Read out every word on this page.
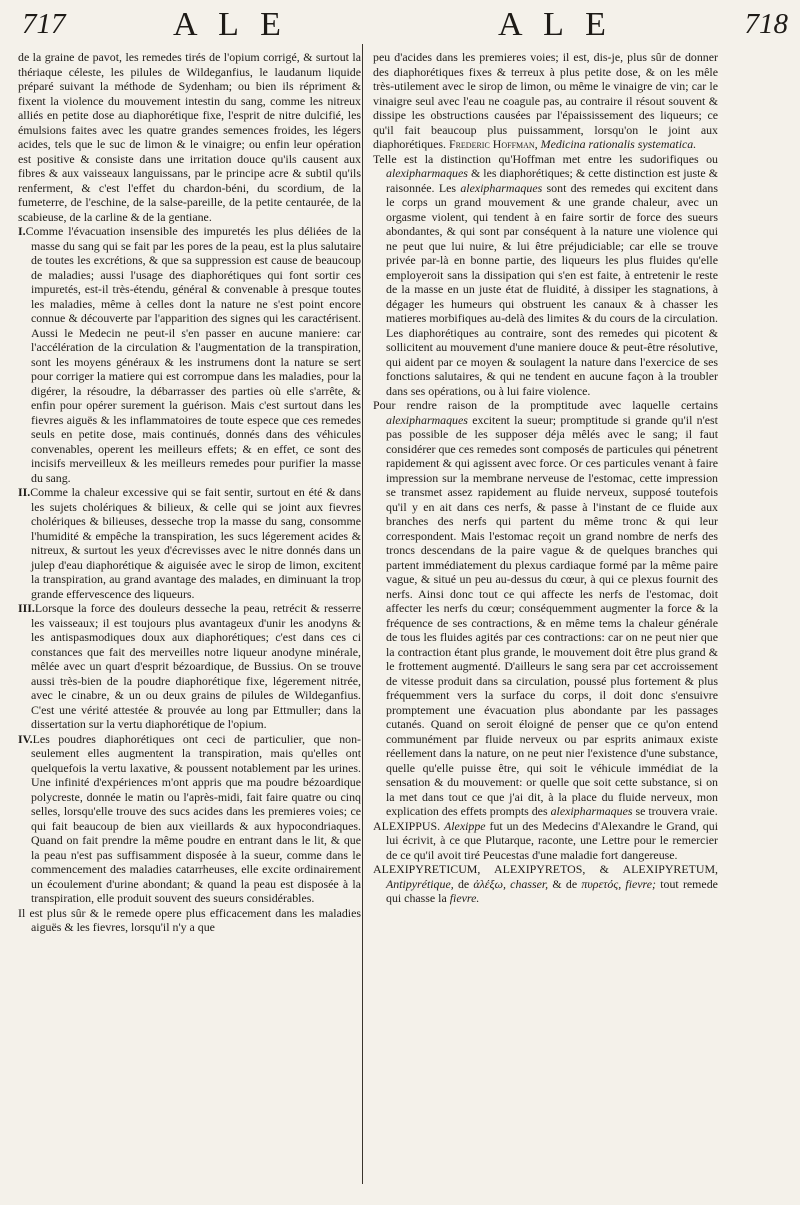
717	A L E	A L E	718

de la graine de pavot, les remedes tirés de l'opium corrigé, & surtout la thériaque céleste, les pilules de Wildeganfius, le laudanum liquide préparé suivant la méthode de Sydenham; ou bien ils répriment & fixent la violence du mouvement intestin du sang, comme les nitreux alliés en petite dose au diaphorétique fixe, l'esprit de nitre dulcifié, les émulsions faites avec les quatre grandes semences froides, les légers acides, tels que le suc de limon & le vinaigre; ou enfin leur opération est positive & consiste dans une irritation douce qu'ils causent aux fibres & aux vaisseaux languissans, par le principe acre & subtil qu'ils renferment, & c'est l'effet du chardon-béni, du scordium, de la fumeterre, de l'eschine, de la salse-pareille, de la petite centaurée, de la scabieuse, de la carline & de la gentiane.

I.Comme l'évacuation insensible des impuretés les plus déliées de la masse du sang qui se fait par les pores de la peau, est la plus salutaire de toutes les excrétions, & que sa suppression est cause de beaucoup de maladies; aussi l'usage des diaphorétiques qui font sortir ces impuretés, est-il très-étendu, général & convenable à presque toutes les maladies, même à celles dont la nature ne s'est point encore connue & découverte par l'apparition des signes qui les caractérisent. Aussi le Medecin ne peut-il s'en passer en aucune maniere: car l'accélération de la circulation & l'augmentation de la transpiration, sont les moyens généraux & les instrumens dont la nature se sert pour corriger la matiere qui est corrompue dans les maladies, pour la digérer, la résoudre, la débarrasser des parties où elle s'arrête, & enfin pour opérer surement la guérison. Mais c'est surtout dans les fievres aiguës & les inflammatoires de toute espece que ces remedes seuls en petite dose, mais continués, donnés dans des véhicules convenables, operent les meilleurs effets; & en effet, ce sont des incisifs merveilleux & les meilleurs remedes pour purifier la masse du sang.

II.Comme la chaleur excessive qui se fait sentir, surtout en été & dans les sujets cholériques & bilieux, & celle qui se joint aux fievres cholériques & bilieuses, desseche trop la masse du sang, consomme l'humidité & empêche la transpiration, les sucs légerement acides & nitreux, & surtout les yeux d'écrevisses avec le nitre donnés dans un julep d'eau diaphorétique & aiguisée avec le sirop de limon, excitent la transpiration, au grand avantage des malades, en diminuant la trop grande effervescence des liqueurs.

III.Lorsque la force des douleurs desseche la peau, retrécit & resserre les vaisseaux; il est toujours plus avantageux d'unir les anodyns & les antispasmodiques doux aux diaphorétiques; c'est dans ces ci constances que fait des merveilles notre liqueur anodyne minérale, mêlée avec un quart d'esprit bézoardique, de Bussius. On se trouve aussi très-bien de la poudre diaphorétique fixe, légerement nitrée, avec le cinabre, & un ou deux grains de pilules de Wildeganfius. C'est une vérité attestée & prouvée au long par Ettmuller; dans la dissertation sur la vertu diaphorétique de l'opium.

IV.Les poudres diaphorétiques ont ceci de particulier, que non-seulement elles augmentent la transpiration, mais qu'elles ont quelquefois la vertu laxative, & poussent notablement par les urines. Une infinité d'expériences m'ont appris que ma poudre bézoardique polycreste, donnée le matin ou l'après-midi, fait faire quatre ou cinq selles, lorsqu'elle trouve des sucs acides dans les premieres voies; ce qui fait beaucoup de bien aux vieillards & aux hypocondriaques. Quand on fait prendre la même poudre en entrant dans le lit, & que la peau n'est pas suffisamment disposée à la sueur, comme dans le commencement des maladies catarrheuses, elle excite ordinairement un écoulement d'urine abondant; & quand la peau est disposée à la transpiration, elle produit souvent des sueurs considérables.

Il est plus sûr & le remede opere plus efficacement dans les maladies aiguës & les fievres, lorsqu'il n'y a que

peu d'acides dans les premieres voies; il est, dis-je, plus sûr de donner des diaphorétiques fixes & terreux à plus petite dose, & on les mêle très-utilement avec le sirop de limon, ou même le vinaigre de vin; car le vinaigre seul avec l'eau ne coagule pas, au contraire il résout souvent & dissipe les obstructions causées par l'épaississement des liqueurs; ce qu'il fait beaucoup plus puissamment, lorsqu'on le joint aux diaphorétiques. Frederic Hoffman, Medicina rationalis systematica.

Telle est la distinction qu'Hoffman met entre les sudorifiques ou alexipharmaques & les diaphorétiques; & cette distinction est juste & raisonnée. Les alexipharmaques sont des remedes qui excitent dans le corps un grand mouvement & une grande chaleur, avec un orgasme violent, qui tendent à en faire sortir de force des sueurs abondantes, & qui sont par conséquent à la nature une violence qui ne peut que lui nuire, & lui être préjudiciable; car elle se trouve privée par-là en bonne partie, des liqueurs les plus fluides qu'elle employeroit sans la dissipation qui s'en est faite, à entretenir le reste de la masse en un juste état de fluidité, à dissiper les stagnations, à dégager les humeurs qui obstruent les canaux & à chasser les matieres morbifiques au-delà des limites & du cours de la circulation. Les diaphorétiques au contraire, sont des remedes qui picotent & sollicitent au mouvement d'une maniere douce & peut-être résolutive, qui aident par ce moyen & soulagent la nature dans l'exercice de ses fonctions salutaires, & qui ne tendent en aucune façon à la troubler dans ses opérations, ou à lui faire violence.

Pour rendre raison de la promptitude avec laquelle certains alexipharmaques excitent la sueur; promptitude si grande qu'il n'est pas possible de les supposer déja mêlés avec le sang; il faut considérer que ces remedes sont composés de particules qui pénetrent rapidement & qui agissent avec force. Or ces particules venant à faire impression sur la membrane nerveuse de l'estomac, cette impression se transmet assez rapidement au fluide nerveux, supposé toutefois qu'il y en ait dans ces nerfs, & passe à l'instant de ce fluide aux branches des nerfs qui partent du même tronc & qui leur correspondent. Mais l'estomac reçoit un grand nombre de nerfs des troncs descendans de la paire vague & de quelques branches qui partent immédiatement du plexus cardiaque formé par la même paire vague, & situé un peu au-dessus du cœur, à qui ce plexus fournit des nerfs. Ainsi donc tout ce qui affecte les nerfs de l'estomac, doit affecter les nerfs du cœur; conséquemment augmenter la force & la fréquence de ses contractions, & en même tems la chaleur générale de tous les fluides agités par ces contractions: car on ne peut nier que la contraction étant plus grande, le mouvement doit être plus grand & le frottement augmenté. D'ailleurs le sang sera par cet accroissement de vitesse produit dans sa circulation, poussé plus fortement & plus fréquemment vers la surface du corps, il doit donc s'ensuivre promptement une évacuation plus abondante par les passages cutanés. Quand on seroit éloigné de penser que ce qu'on entend communément par fluide nerveux ou par esprits animaux existe réellement dans la nature, on ne peut nier l'existence d'une substance, quelle qu'elle puisse être, qui soit le véhicule immédiat de la sensation & du mouvement: or quelle que soit cette substance, si on la met dans tout ce que j'ai dit, à la place du fluide nerveux, mon explication des effets prompts des alexipharmaques se trouvera vraie.

ALEXIPPUS. Alexippe fut un des Medecins d'Alexandre le Grand, qui lui écrivit, à ce que Plutarque, raconte, une Lettre pour le remercier de ce qu'il avoit tiré Peucestas d'une maladie fort dangereuse.

ALEXIPYRETICUM, ALEXIPYRETOS, & ALEXIPYRETUM, Antipyrétique, de ἀλέξω, chasser, & de πυρετός, fievre; tout remede qui chasse la fievre.
